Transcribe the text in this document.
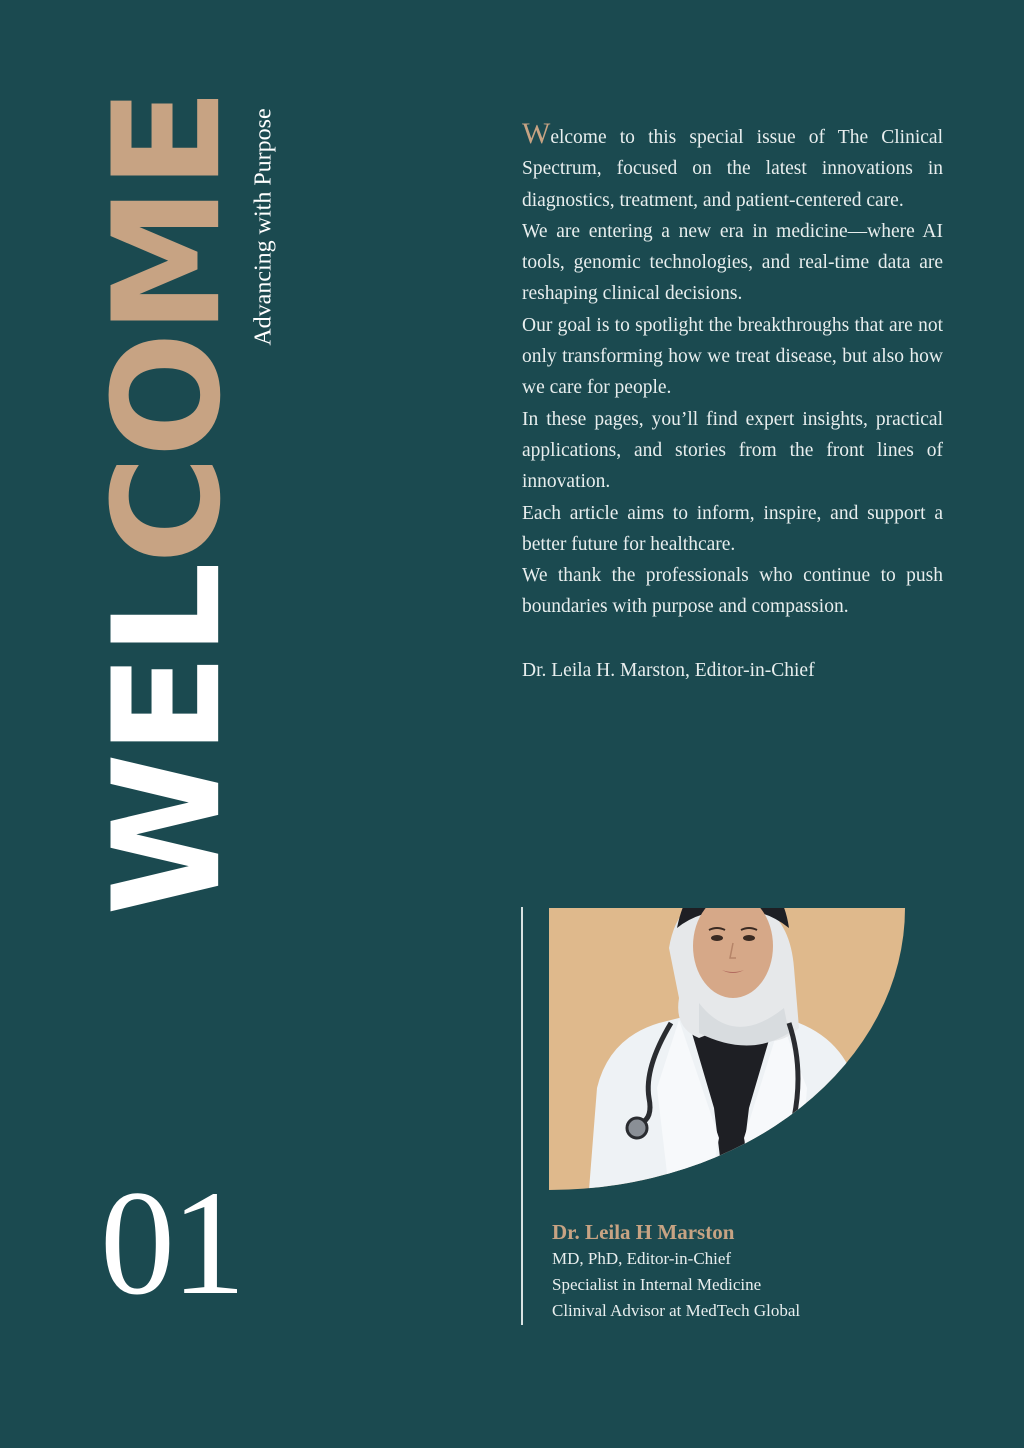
WELCOME
Advancing with Purpose
01

Welcome to this special issue of The Clinical Spectrum, focused on the latest innovations in diagnostics, treatment, and patient-centered care.

We are entering a new era in medicine—where AI tools, genomic technologies, and real-time data are reshaping clinical decisions.

Our goal is to spotlight the breakthroughs that are not only transforming how we treat disease, but also how we care for people.

In these pages, you’ll find expert insights, practical applications, and stories from the front lines of innovation.

Each article aims to inform, inspire, and support a better future for healthcare.

We thank the professionals who continue to push boundaries with purpose and compassion.

Dr. Leila H. Marston, Editor-in-Chief

Dr. Leila H Marston
MD, PhD, Editor-in-Chief
Specialist in Internal Medicine
Clinival Advisor at MedTech Global
